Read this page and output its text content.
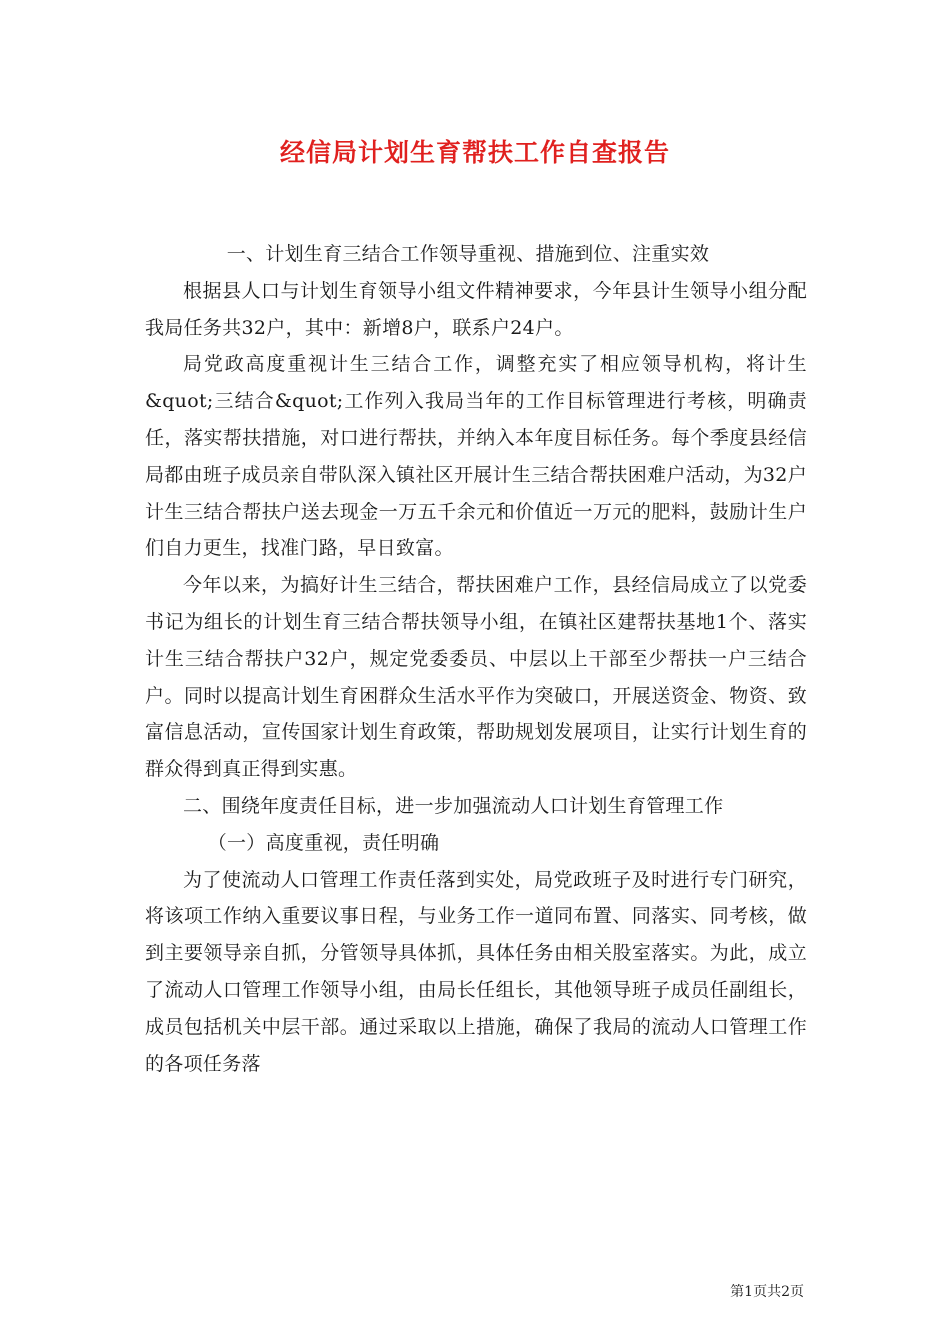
经信局计划生育帮扶工作自查报告

一、计划生育三结合工作领导重视、措施到位、注重实效

根据县人口与计划生育领导小组文件精神要求，今年县计生领导小组分配我局任务共32户，其中：新增8户，联系户24户。

局党政高度重视计生三结合工作，调整充实了相应领导机构，将计生&quot;三结合&quot;工作列入我局当年的工作目标管理进行考核，明确责任，落实帮扶措施，对口进行帮扶，并纳入本年度目标任务。每个季度县经信局都由班子成员亲自带队深入镇社区开展计生三结合帮扶困难户活动，为32户计生三结合帮扶户送去现金一万五千余元和价值近一万元的肥料，鼓励计生户们自力更生，找准门路，早日致富。

今年以来，为搞好计生三结合，帮扶困难户工作，县经信局成立了以党委书记为组长的计划生育三结合帮扶领导小组，在镇社区建帮扶基地1个、落实计生三结合帮扶户32户，规定党委委员、中层以上干部至少帮扶一户三结合户。同时以提高计划生育困群众生活水平作为突破口，开展送资金、物资、致富信息活动，宣传国家计划生育政策，帮助规划发展项目，让实行计划生育的群众得到真正得到实惠。

二、围绕年度责任目标，进一步加强流动人口计划生育管理工作

（一）高度重视，责任明确

为了使流动人口管理工作责任落到实处，局党政班子及时进行专门研究，将该项工作纳入重要议事日程，与业务工作一道同布置、同落实、同考核，做到主要领导亲自抓，分管领导具体抓，具体任务由相关股室落实。为此，成立了流动人口管理工作领导小组，由局长任组长，其他领导班子成员任副组长，成员包括机关中层干部。通过采取以上措施，确保了我局的流动人口管理工作的各项任务落

第1页共2页
